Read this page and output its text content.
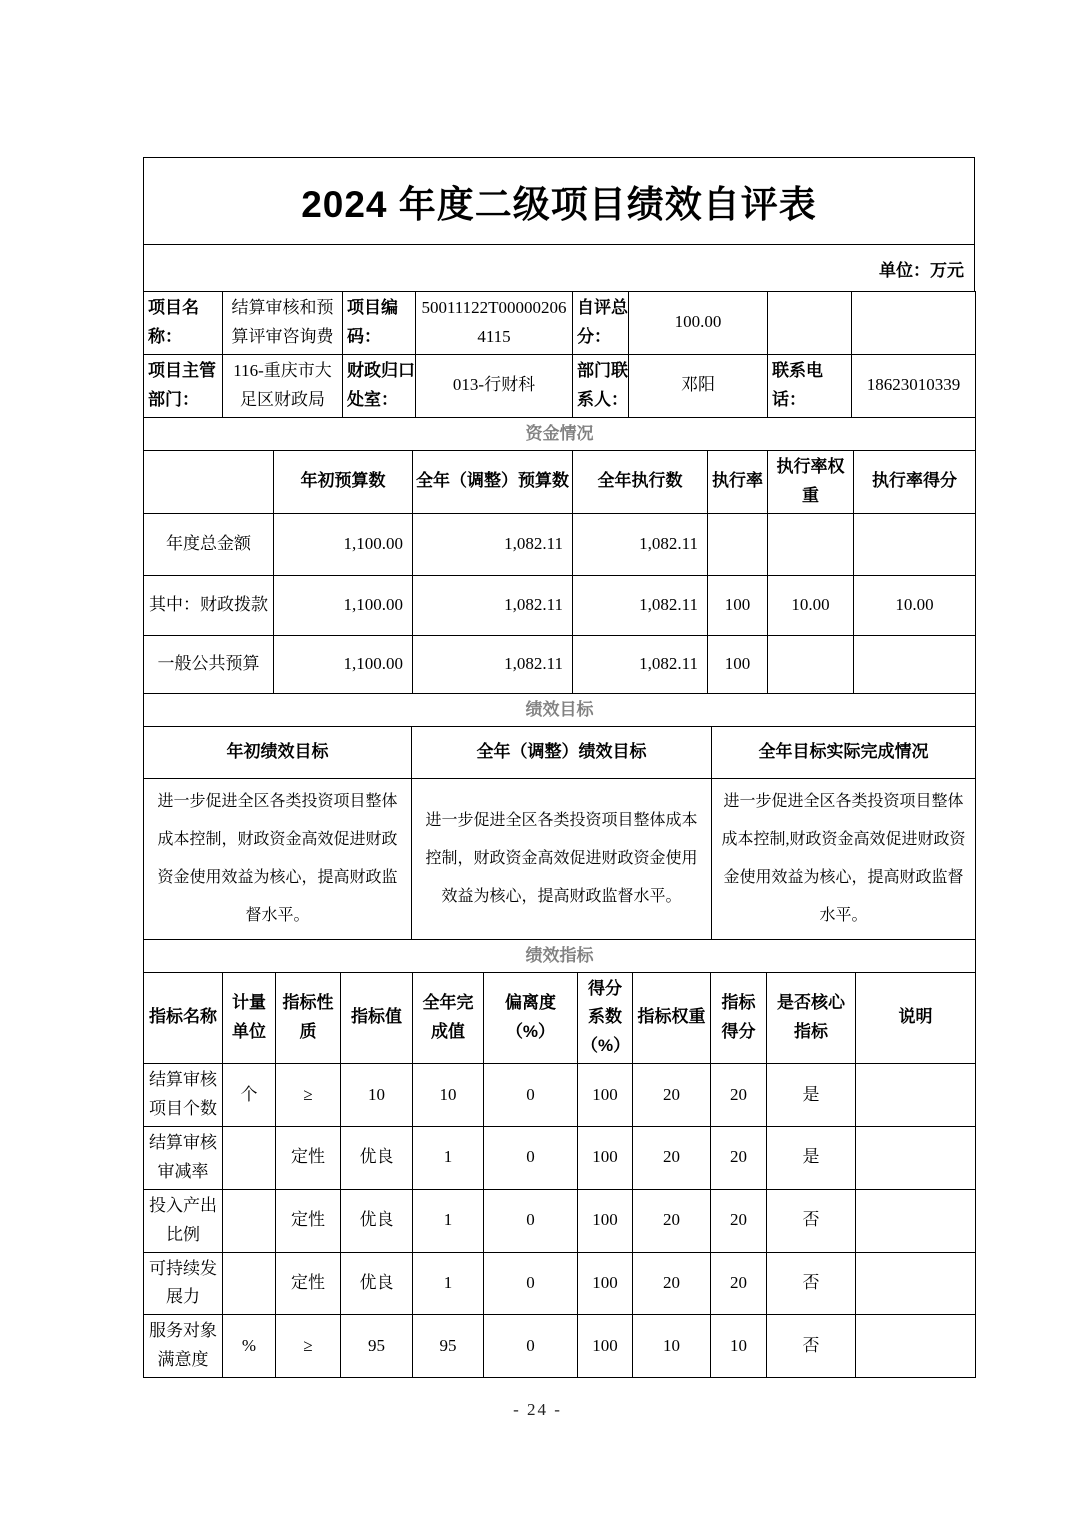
2024 年度二级项目绩效自评表
单位：万元
项目名称：	结算审核和预算评审咨询费	项目编码：	50011122T000002064115	自评总分：	100.00		
项目主管部门：	116-重庆市大足区财政局	财政归口处室：	013-行财科	部门联系人：	邓阳	联系电话：	18623010339
资金情况						
	年初预算数	全年（调整）预算数	全年执行数	执行率	执行率权重	执行率得分
年度总金额	1,100.00	1,082.11	1,082.11			
其中：财政拨款	1,100.00	1,082.11	1,082.11	100	10.00	10.00
一般公共预算	1,100.00	1,082.11	1,082.11	100		
绩效目标		
年初绩效目标	全年（调整）绩效目标	全年目标实际完成情况
进一步促进全区各类投资项目整体成本控制，财政资金高效促进财政资金使用效益为核心，提高财政监督水平。	进一步促进全区各类投资项目整体成本控制，财政资金高效促进财政资金使用效益为核心，提高财政监督水平。	进一步促进全区各类投资项目整体成本控制,财政资金高效促进财政资金使用效益为核心，提高财政监督水平。
绩效指标										
指标名称	计量单位	指标性质	指标值	全年完成值	偏离度（%）	得分系数（%）	指标权重	指标得分	是否核心指标	说明
结算审核项目个数	个	≥	10	10	0	100	20	20	是	
结算审核审减率		定性	优良	1	0	100	20	20	是	
投入产出比例		定性	优良	1	0	100	20	20	否	
可持续发展力		定性	优良	1	0	100	20	20	否	
服务对象满意度	%	≥	95	95	0	100	10	10	否	
- 24 -
